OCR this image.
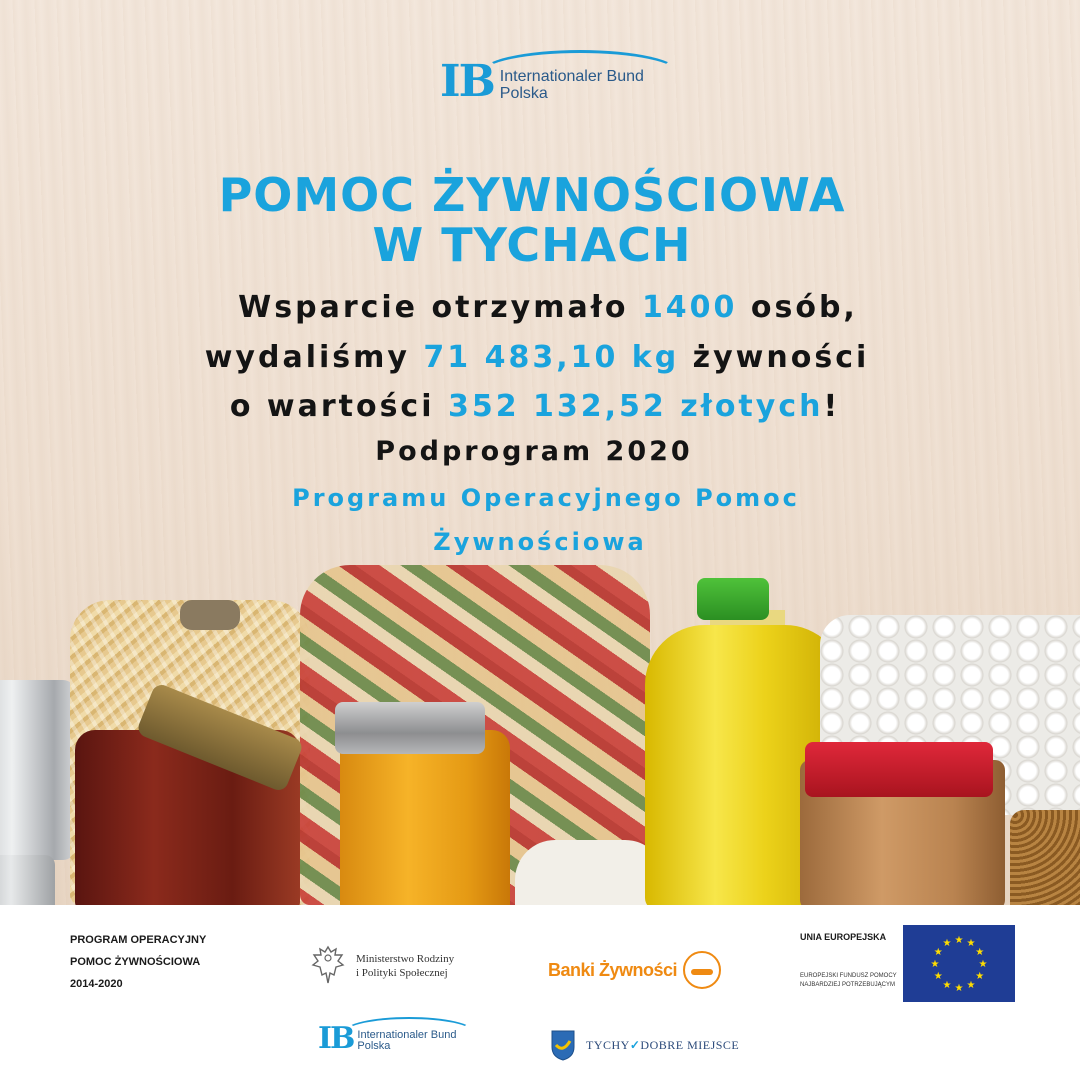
IB Internationaler Bund
Polska
POMOC ŻYWNOŚCIOWA
W TYCHACH
Wsparcie otrzymało 1400 osób,
wydaliśmy 71 483,10 kg żywności
o wartości 352 132,52 złotych!
Podprogram 2020
Programu Operacyjnego Pomoc
Żywnościowa
PROGRAM OPERACYJNY
POMOC ŻYWNOŚCIOWA
2014-2020
Ministerstwo Rodziny
i Polityki Społecznej	Banki Żywności
UNIA EUROPEJSKA
EUROPEJSKI FUNDUSZ POMOCY
NAJBARDZIEJ POTRZEBUJĄCYM
★ ★
★
★
★
★
★
★
★
★
★
★
IB Internationaler Bund
Polska	TYCHY✓DOBRE MIEJSCE
